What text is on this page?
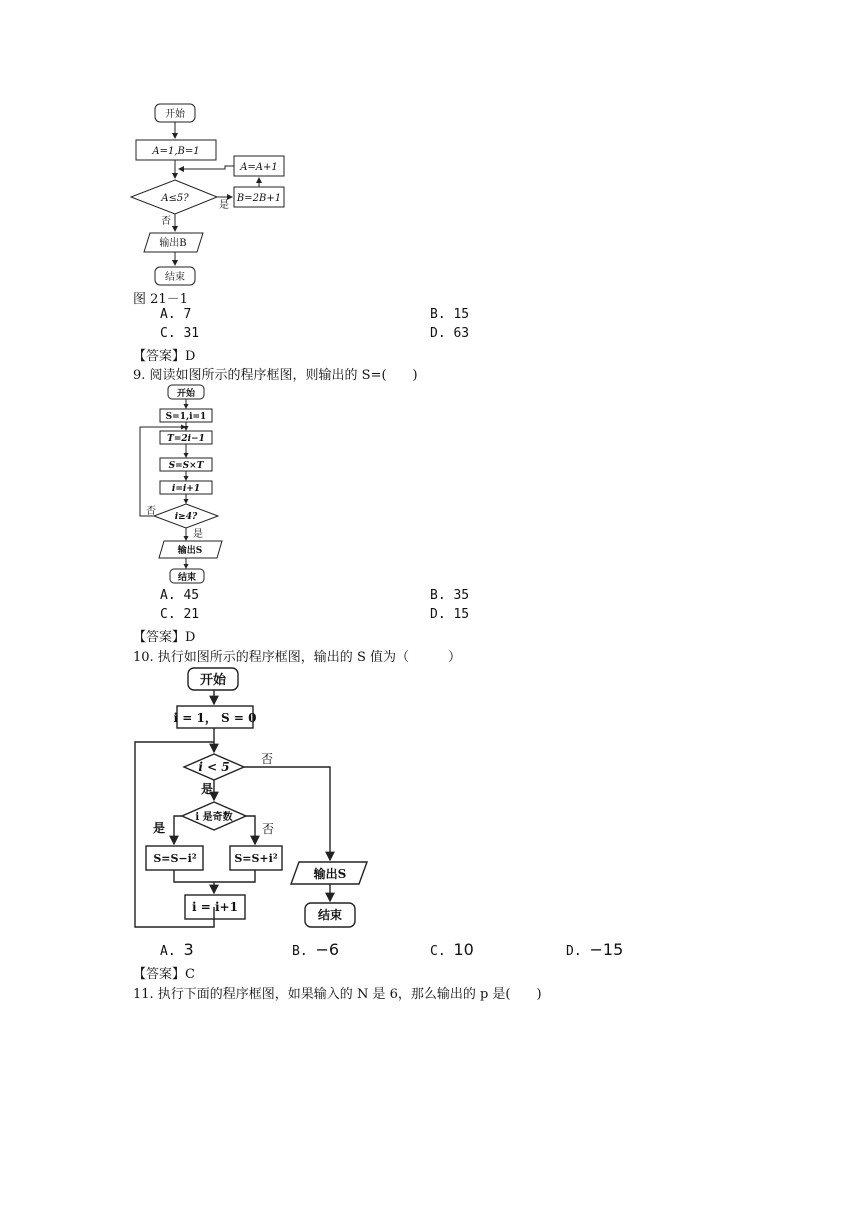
开始
A=1,B=1
A≤5?	B=2B+1
A=A+1
是
否
输出B
结束
图 21－1
A. 7	B. 15
C. 31	D. 63
【答案】D
9. 阅读如图所示的程序框图，则输出的 S=(　　)
开始
S=1,i=1
T=2i−1
S=S×T
i=i+1
i≥4?
否
是
输出S
结束
A. 45	B. 35
C. 21	D. 15
【答案】D
10. 执行如图所示的程序框图，输出的 S 值为（　　　）
开始
i = 1， S = 0
i < 5
否
是
i 是奇数
是	否
S=S−i²	S=S+i²
i = i+1
输出S
结束
A. 3	B. −6	C. 10	D. −15
【答案】C
11. 执行下面的程序框图，如果输入的 N 是 6，那么输出的 p 是(　　)
